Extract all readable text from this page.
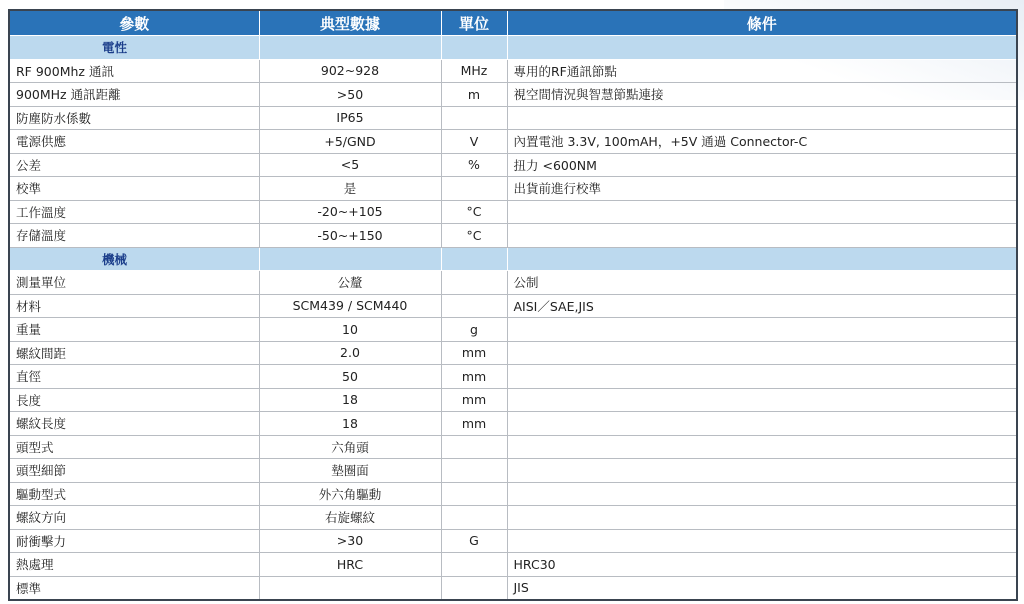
參數	典型數據	單位	條件
電性			
RF 900Mhz 通訊	902~928	MHz	專用的RF通訊節點
900MHz 通訊距離	>50	m	視空間情況與智慧節點連接
防塵防水係數	IP65		
電源供應	+5/GND	V	內置電池 3.3V, 100mAH，+5V 通過 Connector-C
公差	<5	%	扭力 <600NM
校準	是		出貨前進行校準
工作溫度	-20~+105	°C	
存儲溫度	-50~+150	°C	
機械			
測量單位	公釐		公制
材料	SCM439 / SCM440		AISI／SAE,JIS
重量	10	g	
螺紋間距	2.0	mm	
直徑	50	mm	
長度	18	mm	
螺紋長度	18	mm	
頭型式	六角頭		
頭型細節	墊圈面		
驅動型式	外六角驅動		
螺紋方向	右旋螺紋		
耐衝擊力	>30	G	
熱處理	HRC		HRC30
標準			JIS
